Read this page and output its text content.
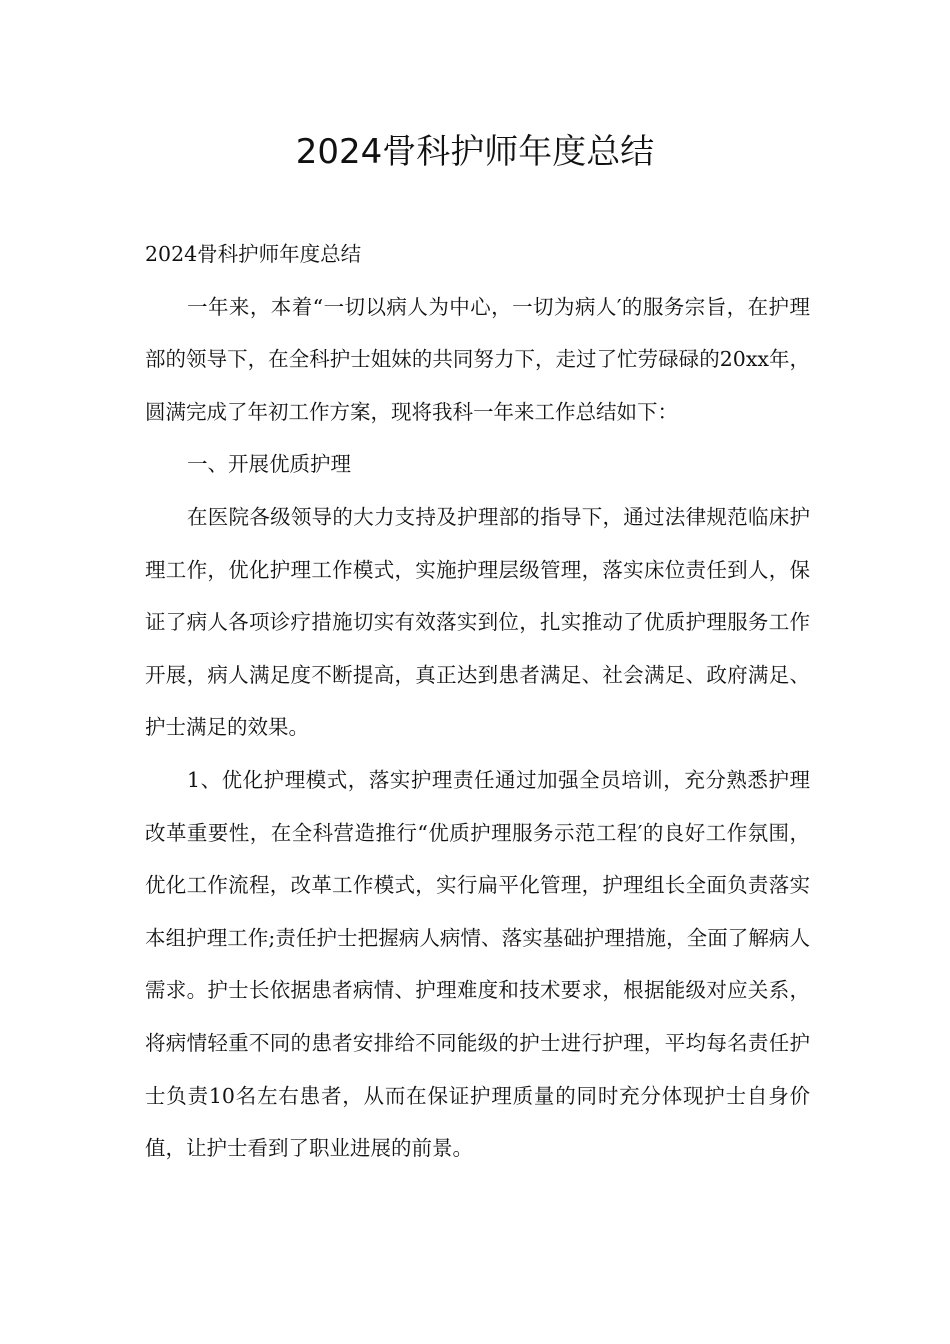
2024骨科护师年度总结

2024骨科护师年度总结

一年来，本着“一切以病人为中心，一切为病人′的服务宗旨，在护理部的领导下，在全科护士姐妹的共同努力下，走过了忙劳碌碌的20xx年，圆满完成了年初工作方案，现将我科一年来工作总结如下：

一、开展优质护理

在医院各级领导的大力支持及护理部的指导下，通过法律规范临床护理工作，优化护理工作模式，实施护理层级管理，落实床位责任到人，保证了病人各项诊疗措施切实有效落实到位，扎实推动了优质护理服务工作开展，病人满足度不断提高，真正达到患者满足、社会满足、政府满足、护士满足的效果。

1、优化护理模式，落实护理责任通过加强全员培训，充分熟悉护理改革重要性，在全科营造推行“优质护理服务示范工程′的良好工作氛围，优化工作流程，改革工作模式，实行扁平化管理，护理组长全面负责落实本组护理工作;责任护士把握病人病情、落实基础护理措施，全面了解病人需求。护士长依据患者病情、护理难度和技术要求，根据能级对应关系，将病情轻重不同的患者安排给不同能级的护士进行护理，平均每名责任护士负责10名左右患者，从而在保证护理质量的同时充分体现护士自身价值，让护士看到了职业进展的前景。
